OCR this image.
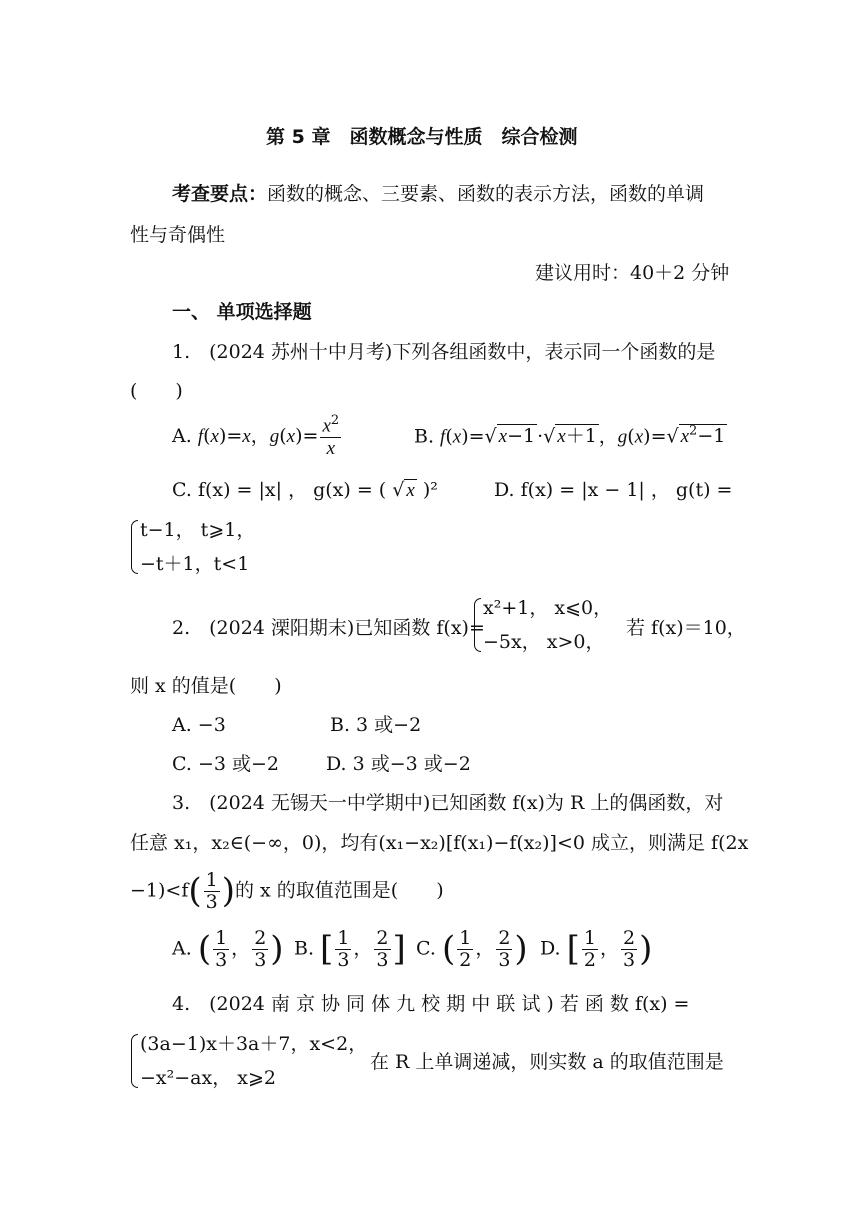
第 5 章　函数概念与性质　综合检测
考查要点：函数的概念、三要素、函数的表示方法，函数的单调
性与奇偶性
建议用时：40＋2 分钟
一、 单项选择题
1.　(2024 苏州十中月考)下列各组函数中，表示同一个函数的是
(　　)
A. f(x)=x，$g(x)= \frac{x^2}{x}$	B. f(x)=√ x−1 ·√ x＋1 ，g(x)=√ $x^2-1$
C. f(x) = |x| ， g(x) = ( √ x )²	D. f(x) = |x − 1| ， g(t) =
t−1， t⩾1，
−t＋1，t<1
2.　(2024 溧阳期末)已知函数 f(x)=
x²+1， x⩽0，
−5x， x>0，
若 f(x)＝10，
则 x 的值是(　　)
A. −3	B. 3 或−2
C. −3 或−2 D. 3 或−3 或−2
3.　(2024 无锡天一中学期中)已知函数 f(x)为 R 上的偶函数，对
任意 x₁，x₂∈(−∞，0)，均有(x₁−x₂)[f(x₁)−f(x₂)]<0 成立，则满足 f(2x
$-1)<f( \frac{1}{3}$ )的 x 的取值范围是(　　)
A. ( $\frac{1}{3}$ ， $\frac{2}{3}$ ) B. [ $\frac{1}{3}$ ， $\frac{2}{3}$ ] C. ( $\frac{1}{2}$ ， $\frac{2}{3}$ ) D. [ $\frac{1}{2}$ ， $\frac{2}{3}$ )
4.　(2024 南 京 协 同 体 九 校 期 中 联 试 ) 若 函 数 f(x) =
(3a−1)x＋3a＋7，x<2，
−x²−ax， x⩾2
在 R 上单调递减，则实数 a 的取值范围是
